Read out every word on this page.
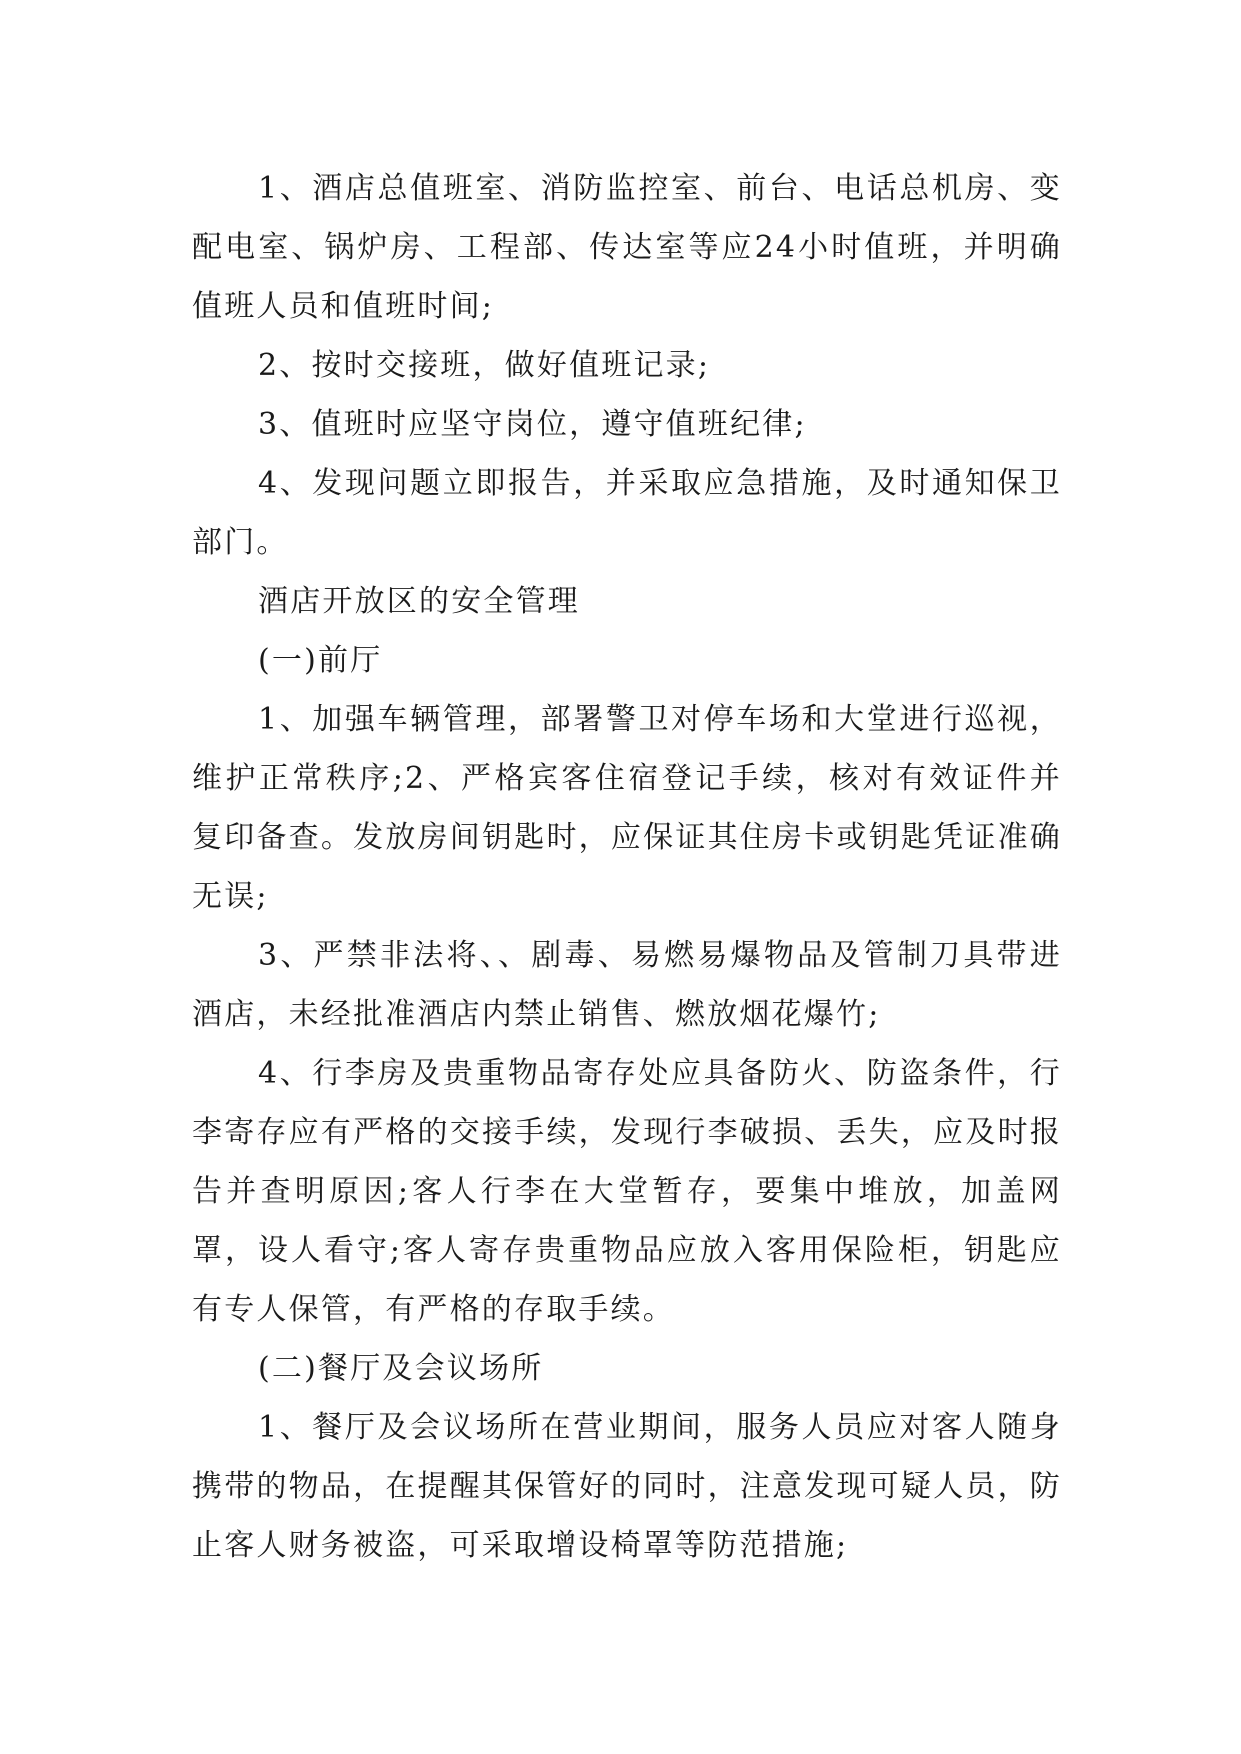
1、酒店总值班室、消防监控室、前台、电话总机房、变配电室、锅炉房、工程部、传达室等应24小时值班，并明确值班人员和值班时间;

2、按时交接班，做好值班记录;

3、值班时应坚守岗位，遵守值班纪律;

4、发现问题立即报告，并采取应急措施，及时通知保卫部门。

酒店开放区的安全管理

(一)前厅

1、加强车辆管理，部署警卫对停车场和大堂进行巡视，维护正常秩序;2、严格宾客住宿登记手续，核对有效证件并复印备查。发放房间钥匙时，应保证其住房卡或钥匙凭证准确无误;

3、严禁非法将、、剧毒、易燃易爆物品及管制刀具带进酒店，未经批准酒店内禁止销售、燃放烟花爆竹;

4、行李房及贵重物品寄存处应具备防火、防盗条件，行李寄存应有严格的交接手续，发现行李破损、丢失，应及时报告并查明原因;客人行李在大堂暂存，要集中堆放，加盖网罩，设人看守;客人寄存贵重物品应放入客用保险柜，钥匙应有专人保管，有严格的存取手续。

(二)餐厅及会议场所

1、餐厅及会议场所在营业期间，服务人员应对客人随身携带的物品，在提醒其保管好的同时，注意发现可疑人员，防止客人财务被盗，可采取增设椅罩等防范措施;
